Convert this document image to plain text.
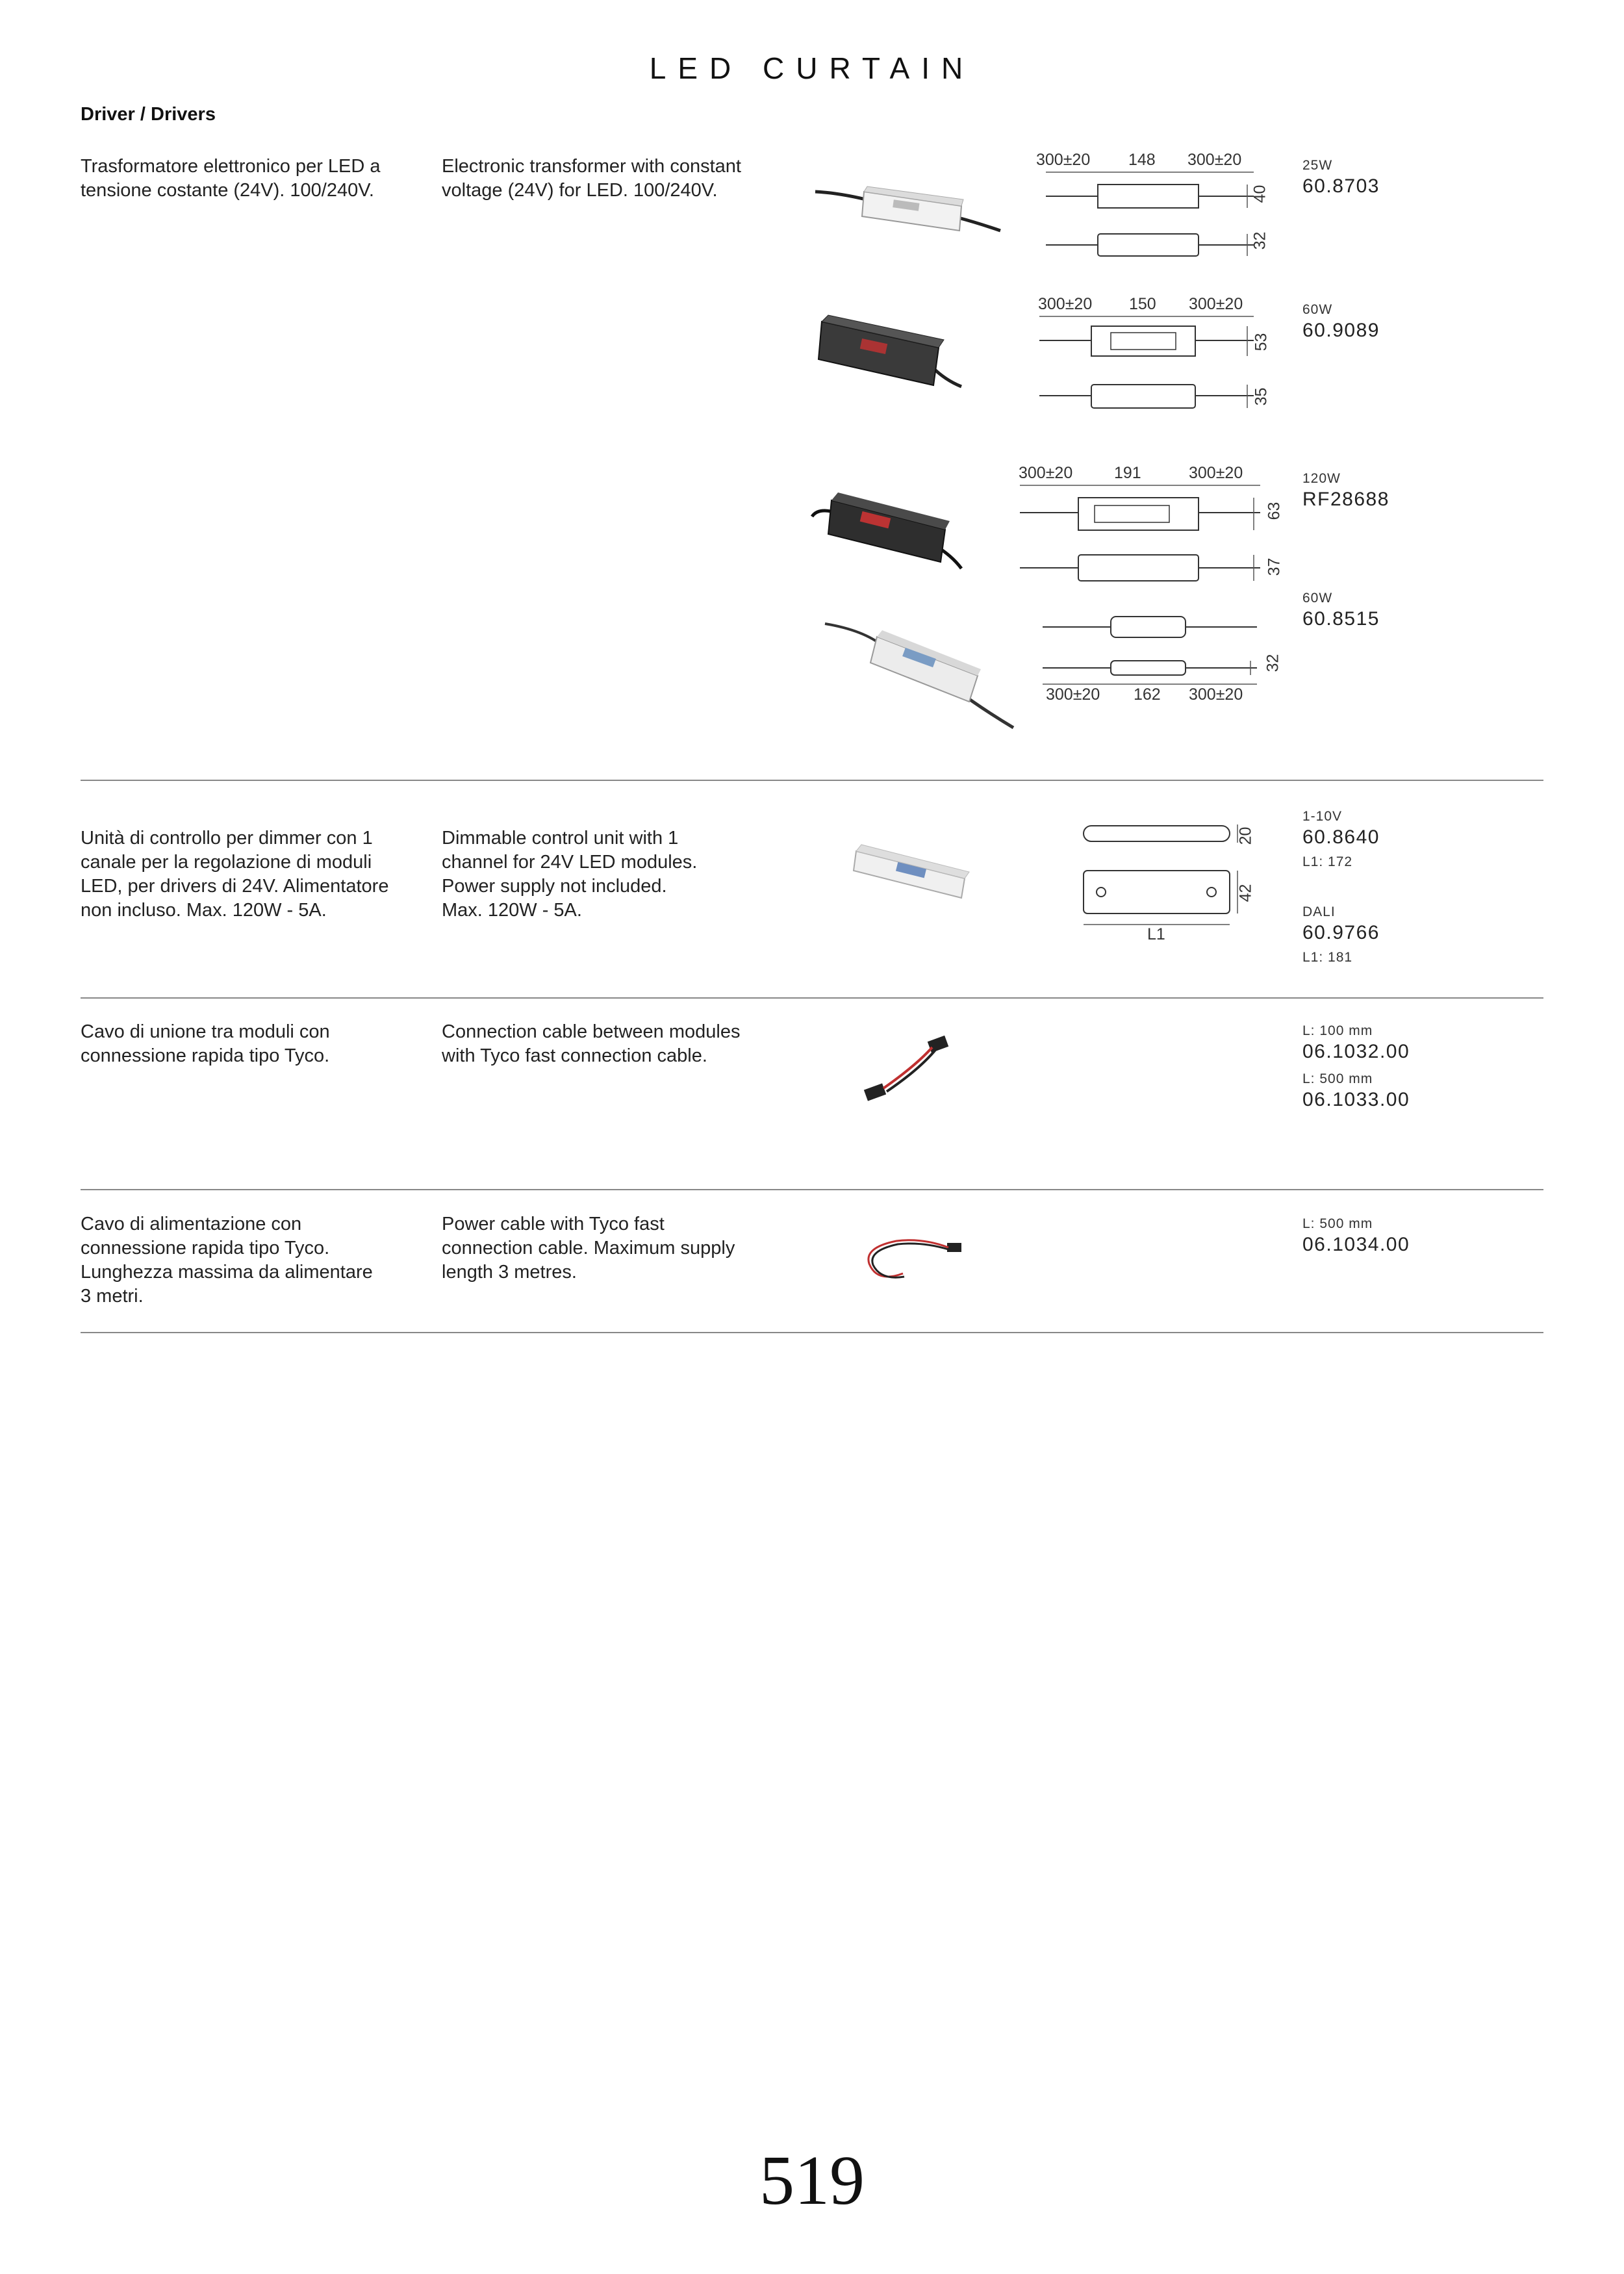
LED CURTAIN
Driver / Drivers
Trasformatore elettronico per LED a
tensione costante (24V). 100/240V.
Electronic transformer with constant
voltage (24V) for LED. 100/240V.
300±20 148 300±20
40
32
300±20 150 300±20
53
35
300±20	191	300±20
63
37
32
300±20 162 300±20
25W
60.8703
60W
60.9089
120W
RF28688
60W
60.8515
Unità di controllo per dimmer con 1
canale per la regolazione di moduli
LED, per drivers di 24V. Alimentatore
non incluso. Max. 120W - 5A.
Dimmable control unit with 1
channel for 24V LED modules.
Power supply not included.
Max. 120W - 5A.
20
42
L1
1-10V
60.8640
L1: 172
DALI
60.9766
L1: 181
Cavo di unione tra moduli con
connessione rapida tipo Tyco.
Connection cable between modules
with Tyco fast connection cable.
L: 100 mm
06.1032.00
L: 500 mm
06.1033.00
Cavo di alimentazione con
connessione rapida tipo Tyco.
Lunghezza massima da alimentare
3 metri.
Power cable with Tyco fast
connection cable. Maximum supply
length 3 metres.
L: 500 mm
06.1034.00
519
